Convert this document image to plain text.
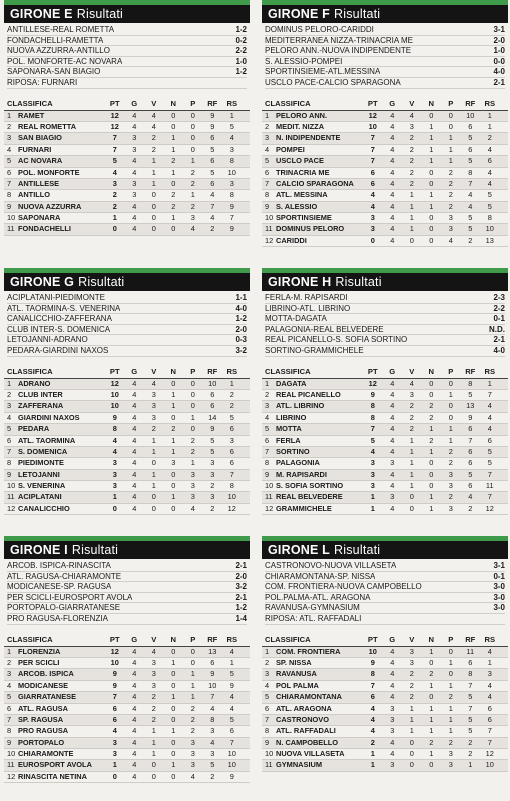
GIRONE E Risultati
ANTILLESE-REAL ROMETTA	1-2
FONDACHELLI-RAMETTA	0-2
NUOVA AZZURRA-ANTILLO	2-2
POL. MONFORTE-AC NOVARA	1-0
SAPONARA-SAN BIAGIO	1-2
RIPOSA: FURNARI
CLASSIFICA	PT	G	V	N	P	RF	RS
1 RAMET	12	4	4	0	0	9	1
2 REAL ROMETTA	12	4	4	0	0	9	5
3 SAN BIAGIO	7	3	2	1	0	6	4
4 FURNARI	7	3	2	1	0	5	3
5 AC NOVARA	5	4	1	2	1	6	8
6 POL. MONFORTE	4	4	1	1	2	5	10
7 ANTILLESE	3	3	1	0	2	6	3
8 ANTILLO	2	3	0	2	1	4	8
9 NUOVA AZZURRA	2	4	0	2	2	7	9
10 SAPONARA	1	4	0	1	3	4	7
11 FONDACHELLI	0	4	0	0	4	2	9
GIRONE F Risultati
DOMINUS PELORO-CARIDDI	3-1
MEDITERRANEA NIZZA-TRINACRIA ME	2-0
PELORO ANN.-NUOVA INDIPENDENTE	1-0
S. ALESSIO-POMPEI	0-0
SPORTINSIEME-ATL.MESSINA	4-0
USCLO PACE-CALCIO SPARAGONA	2-1
CLASSIFICA	PT	G	V	N	P	RF	RS
1 PELORO ANN.	12	4	4	0	0	10	1
2 MEDIT. NIZZA	10	4	3	1	0	6	1
3 N. INDIPENDENTE	7	4	2	1	1	5	2
4 POMPEI	7	4	2	1	1	6	4
5 USCLO PACE	7	4	2	1	1	5	6
6 TRINACRIA ME	6	4	2	0	2	8	4
7 CALCIO SPARAGONA	6	4	2	0	2	7	4
8 ATL. MESSINA	4	4	1	1	2	4	5
9 S. ALESSIO	4	4	1	1	2	4	5
10 SPORTINSIEME	3	4	1	0	3	5	8
11 DOMINUS PELORO	3	4	1	0	3	5	10
12 CARIDDI	0	4	0	0	4	2	13
GIRONE G Risultati
ACIPLATANI-PIEDIMONTE	1-1
ATL. TAORMINA-S. VENERINA	4-0
CANALICCHIO-ZAFFERANA	1-2
CLUB INTER-S. DOMENICA	2-0
LETOJANNI-ADRANO	0-3
PEDARA-GIARDINI NAXOS	3-2
CLASSIFICA	PT	G	V	N	P	RF	RS
1 ADRANO	12	4	4	0	0	10	1
2 CLUB INTER	10	4	3	1	0	6	2
3 ZAFFERANA	10	4	3	1	0	6	2
4 GIARDINI NAXOS	9	4	3	0	1	14	5
5 PEDARA	8	4	2	2	0	9	6
6 ATL. TAORMINA	4	4	1	1	2	5	3
7 S. DOMENICA	4	4	1	1	2	5	6
8 PIEDIMONTE	3	4	0	3	1	3	6
9 LETOJANNI	3	4	1	0	3	3	7
10 S. VENERINA	3	4	1	0	3	2	8
11 ACIPLATANI	1	4	0	1	3	3	10
12 CANALICCHIO	0	4	0	0	4	2	12
GIRONE H Risultati
FERLA-M. RAPISARDI	2-3
LIBRINO-ATL. LIBRINO	2-2
MOTTA-DAGATA	0-1
PALAGONIA-REAL BELVEDERE	N.D.
REAL PICANELLO-S. SOFIA SORTINO	2-1
SORTINO-GRAMMICHELE	4-0
CLASSIFICA	PT	G	V	N	P	RF	RS
1 DAGATA	12	4	4	0	0	8	1
2 REAL PICANELLO	9	4	3	0	1	5	7
3 ATL. LIBRINO	8	4	2	2	0	13	4
4 LIBRINO	8	4	2	2	0	9	4
5 MOTTA	7	4	2	1	1	6	4
6 FERLA	5	4	1	2	1	7	6
7 SORTINO	4	4	1	1	2	6	5
8 PALAGONIA	3	3	1	0	2	6	5
9 M. RAPISARDI	3	4	1	0	3	5	7
10 S. SOFIA SORTINO	3	4	1	0	3	6	11
11 REAL BELVEDERE	1	3	0	1	2	4	7
12 GRAMMICHELE	1	4	0	1	3	2	12
GIRONE I Risultati
ARCOB. ISPICA-RINASCITA	2-1
ATL. RAGUSA-CHIARAMONTE	2-0
MODICANESE-SP. RAGUSA	3-2
PER SCICLI-EUROSPORT AVOLA	2-1
PORTOPALO-GIARRATANESE	1-2
PRO RAGUSA-FLORENZIA	1-4
CLASSIFICA	PT	G	V	N	P	RF	RS
1 FLORENZIA	12	4	4	0	0	13	4
2 PER SCICLI	10	4	3	1	0	6	1
3 ARCOB. ISPICA	9	4	3	0	1	9	5
4 MODICANESE	9	4	3	0	1	10	9
5 GIARRATANESE	7	4	2	1	1	7	4
6 ATL. RAGUSA	6	4	2	0	2	4	4
7 SP. RAGUSA	6	4	2	0	2	8	5
8 PRO RAGUSA	4	4	1	1	2	3	6
9 PORTOPALO	3	4	1	0	3	4	7
10 CHIARAMONTE	3	4	1	0	3	3	10
11 EUROSPORT AVOLA	1	4	0	1	3	5	10
12 RINASCITA NETINA	0	4	0	0	4	2	9
GIRONE L Risultati
CASTRONOVO-NUOVA VILLASETA	3-1
CHIARAMONTANA-SP. NISSA	0-1
COM. FRONTIERA-NUOVA CAMPOBELLO	3-0
POL.PALMA-ATL. ARAGONA	3-0
RAVANUSA-GYMNASIUM	3-0
RIPOSA: ATL. RAFFADALI
CLASSIFICA	PT	G	V	N	P	RF	RS
1 COM. FRONTIERA	10	4	3	1	0	11	4
2 SP. NISSA	9	4	3	0	1	6	1
3 RAVANUSA	8	4	2	2	0	8	3
4 POL PALMA	7	4	2	1	1	7	4
5 CHIARAMONTANA	6	4	2	0	2	5	4
6 ATL. ARAGONA	4	3	1	1	1	7	6
7 CASTRONOVO	4	3	1	1	1	5	6
8 ATL. RAFFADALI	4	3	1	1	1	5	7
9 N. CAMPOBELLO	2	4	0	2	2	2	7
10 NUOVA VILLASETA	1	4	0	1	3	2	12
11 GYMNASIUM	1	3	0	0	3	1	10
